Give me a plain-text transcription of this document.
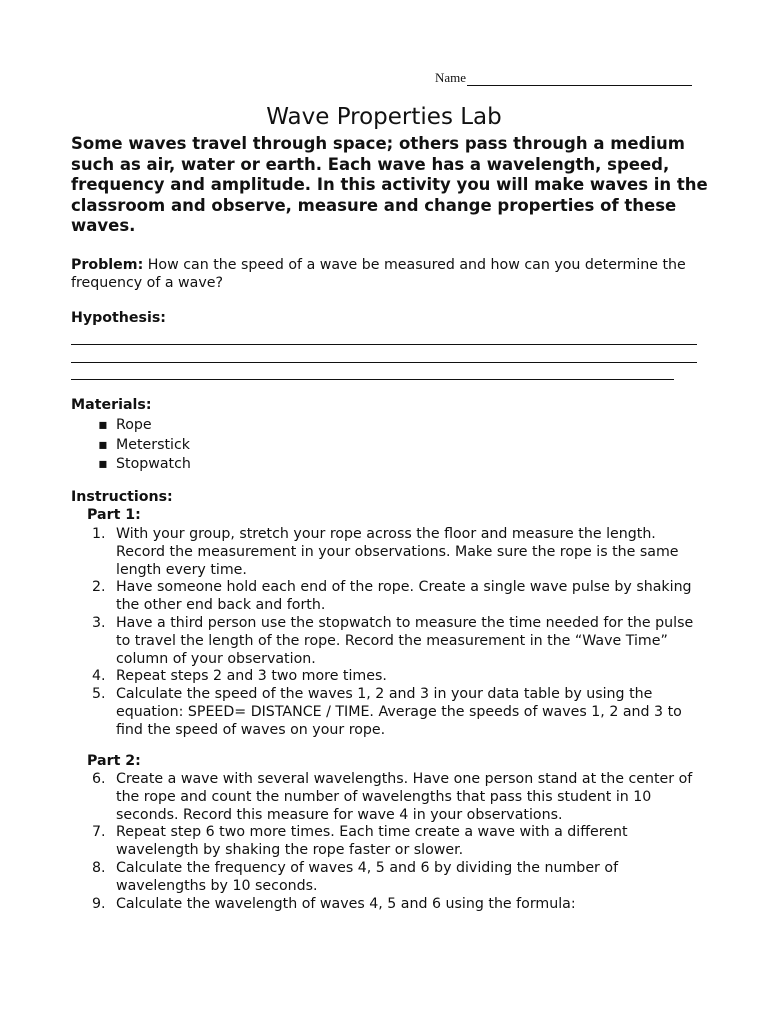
Name
Wave Properties Lab

Some waves travel through space; others pass through a medium such as air, water or earth. Each wave has a wavelength, speed, frequency and amplitude. In this activity you will make waves in the classroom and observe, measure and change properties of these waves.

Problem: How can the speed of a wave be measured and how can you determine the frequency of a wave?

Hypothesis:
Materials:
▪ Rope
▪ Meterstick
▪ Stopwatch
Instructions:
Part 1:
1. With your group, stretch your rope across the floor and measure the length. Record the measurement in your observations. Make sure the rope is the same length every time.
2. Have someone hold each end of the rope. Create a single wave pulse by shaking the other end back and forth.
3. Have a third person use the stopwatch to measure the time needed for the pulse to travel the length of the rope. Record the measurement in the “Wave Time” column of your observation.
4. Repeat steps 2 and 3 two more times.
5. Calculate the speed of the waves 1, 2 and 3 in your data table by using the equation: SPEED= DISTANCE / TIME. Average the speeds of waves 1, 2 and 3 to find the speed of waves on your rope.
Part 2:
6. Create a wave with several wavelengths. Have one person stand at the center of the rope and count the number of wavelengths that pass this student in 10 seconds. Record this measure for wave 4 in your observations.
7. Repeat step 6 two more times. Each time create a wave with a different wavelength by shaking the rope faster or slower.
8. Calculate the frequency of waves 4, 5 and 6 by dividing the number of wavelengths by 10 seconds.
9. Calculate the wavelength of waves 4, 5 and 6 using the formula:
